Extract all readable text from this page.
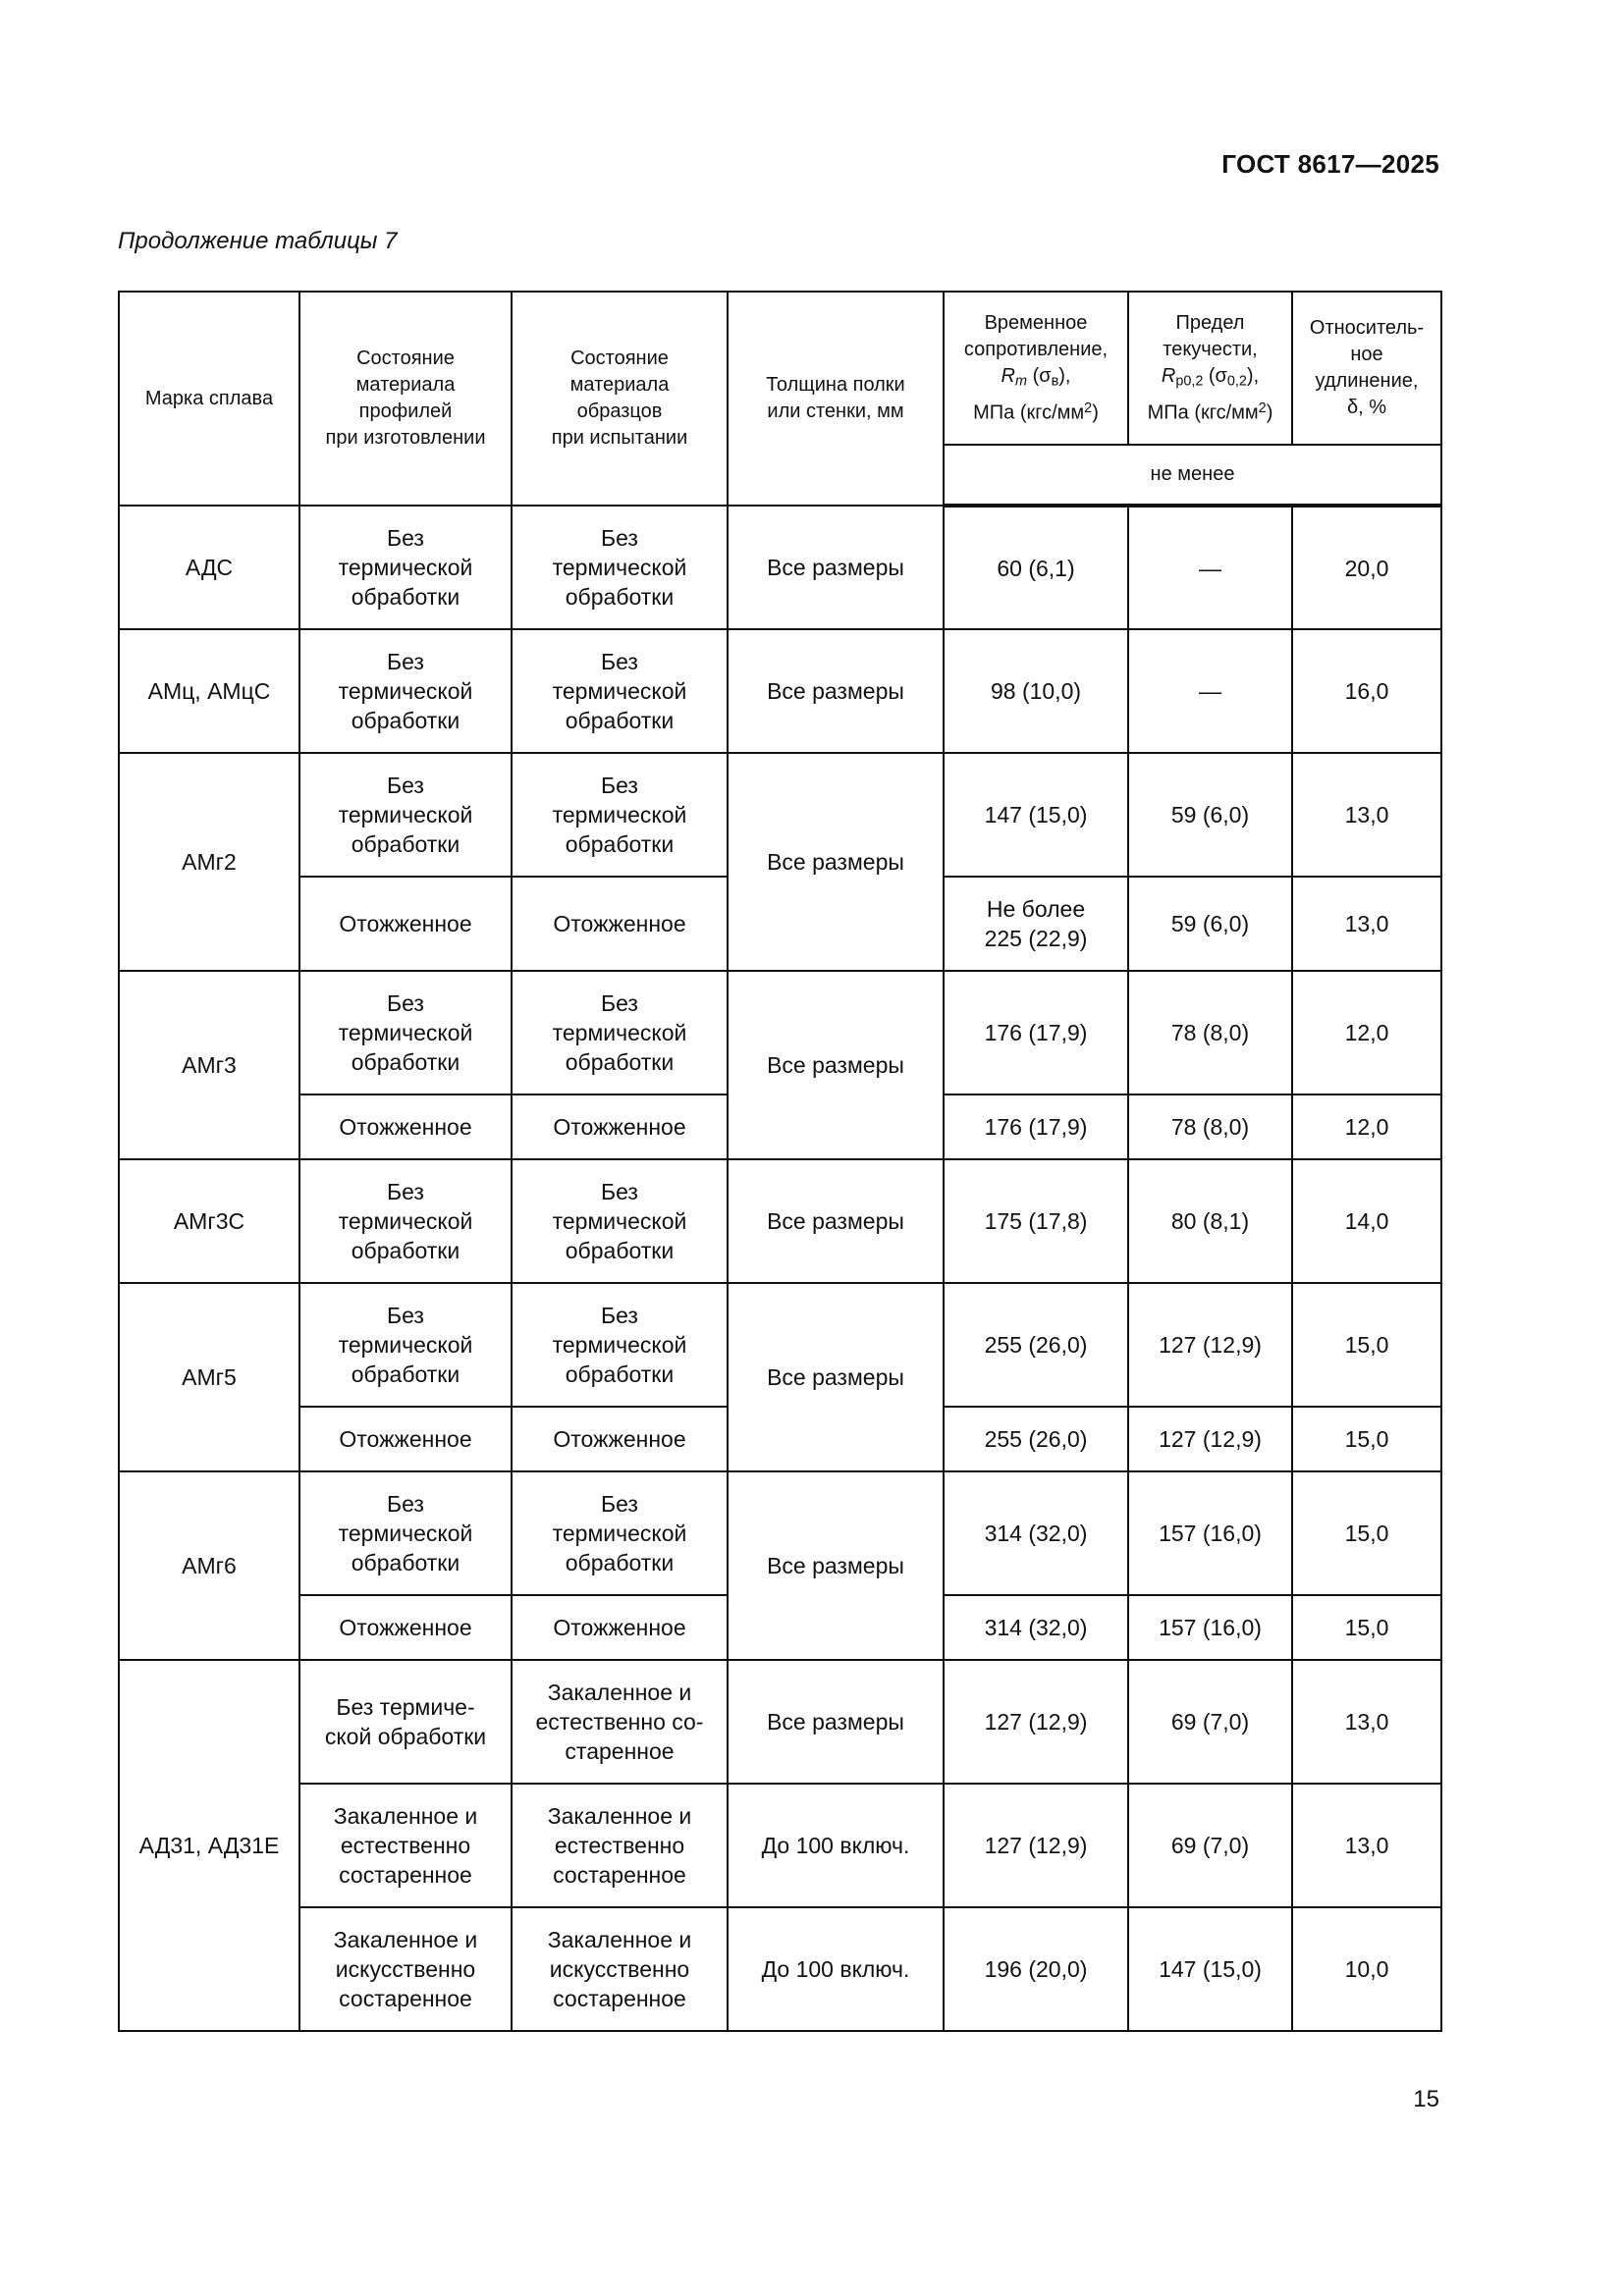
ГОСТ 8617—2025
Продолжение таблицы 7
Марка сплава	Состояние
материала
профилей
при изготовлении	Состояние
материала
образцов
при испытании	Толщина полки
или стенки, мм	Временное
сопротивление,
$R_m$ $(\sigma_в)$,
МПа $(кгс/мм^2)$	Предел
текучести,
$R_{p0,2}$ $(\sigma_{0,2})$,
МПа $(кгс/мм^2)$	Относитель-
ное
удлинение,
δ, %

				не менее		
АДС	Без
термической
обработки	Без
термической
обработки	Все размеры	60 (6,1)	—	20,0
АМц, АМцС	Без
термической
обработки	Без
термической
обработки	Все размеры	98 (10,0)	—	16,0
АМг2	Без
термической
обработки	Без
термической
обработки	Все размеры	147 (15,0)	59 (6,0)	13,0

	Отожженное	Отожженное		Не более
225 (22,9)	59 (6,0)	13,0
АМг3	Без
термической
обработки	Без
термической
обработки	Все размеры	176 (17,9)	78 (8,0)	12,0

	Отожженное	Отожженное		176 (17,9)	78 (8,0)	12,0
АМг3С	Без
термической
обработки	Без
термической
обработки	Все размеры	175 (17,8)	80 (8,1)	14,0
АМг5	Без
термической
обработки	Без
термической
обработки	Все размеры	255 (26,0)	127 (12,9)	15,0

	Отожженное	Отожженное		255 (26,0)	127 (12,9)	15,0
АМг6	Без
термической
обработки	Без
термической
обработки	Все размеры	314 (32,0)	157 (16,0)	15,0

	Отожженное	Отожженное		314 (32,0)	157 (16,0)	15,0
АД31, АД31Е	Без термиче-
ской обработки	Закаленное и
естественно со-
старенное	Все размеры	127 (12,9)	69 (7,0)	13,0

	Закаленное и
естественно
состаренное	Закаленное и
естественно
состаренное	До 100 включ.	127 (12,9)	69 (7,0)	13,0

	Закаленное и
искусственно
состаренное	Закаленное и
искусственно
состаренное	До 100 включ.	196 (20,0)	147 (15,0)	10,0
15
